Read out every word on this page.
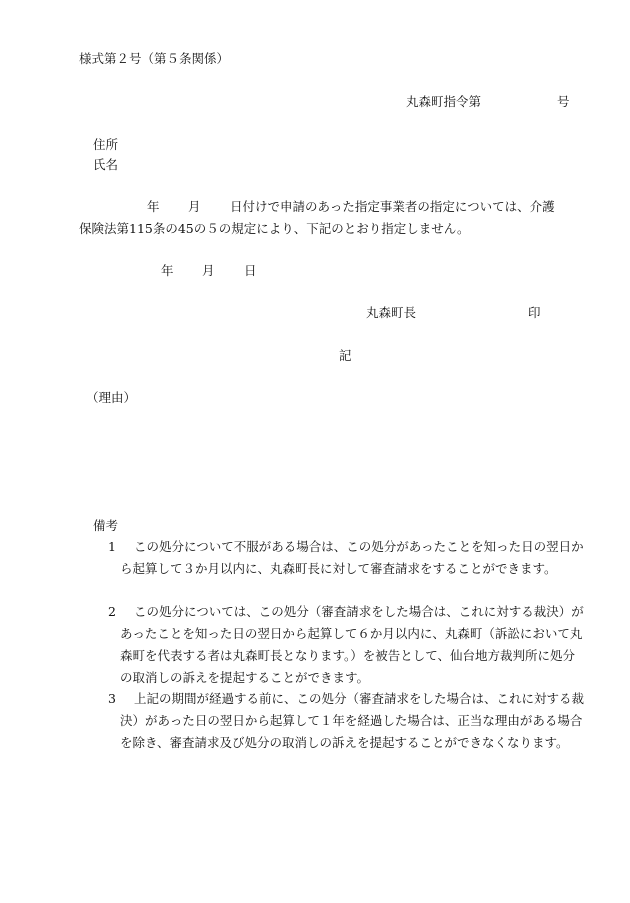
様式第２号（第５条関係）
丸森町指令第	号
住所
氏名
年 月 日付けで申請のあった指定事業者の指定については、介護
保険法第115条の45の５の規定により、下記のとおり指定しません。
年 月 日
丸森町長	印
記
（理由）
備考
1	この処分について不服がある場合は、この処分があったことを知った日の翌日から起算して３か月以内に、丸森町長に対して審査請求をすることができます。
2	この処分については、この処分（審査請求をした場合は、これに対する裁決）があったことを知った日の翌日から起算して６か月以内に、丸森町（訴訟において丸森町を代表する者は丸森町長となります。）を被告として、仙台地方裁判所に処分の取消しの訴えを提起することができます。
3	上記の期間が経過する前に、この処分（審査請求をした場合は、これに対する裁決）があった日の翌日から起算して１年を経過した場合は、正当な理由がある場合を除き、審査請求及び処分の取消しの訴えを提起することができなくなります。
